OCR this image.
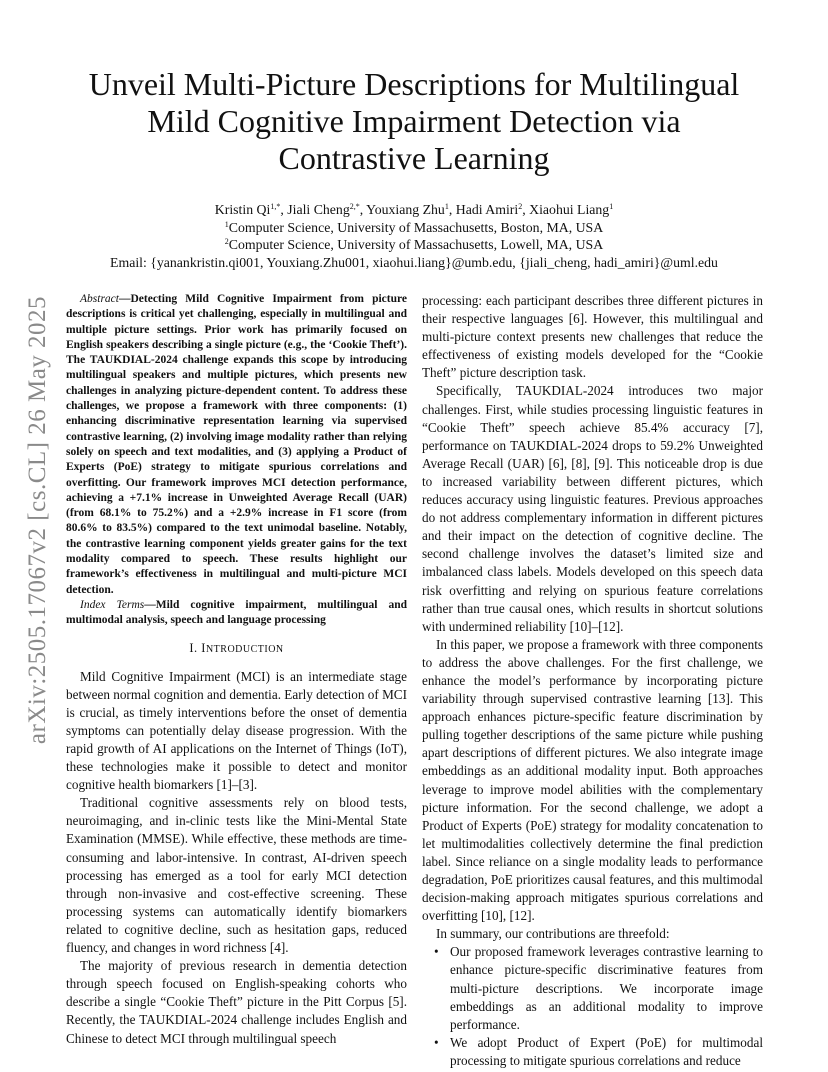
arXiv:2505.17067v2 [cs.CL] 26 May 2025
Unveil Multi-Picture Descriptions for Multilingual
Mild Cognitive Impairment Detection via
Contrastive Learning
Kristin $Qi^{1,*}$, Jiali Cheng$^{2,*}$, Youxiang Zhu$^1$, Hadi Amiri$^2$, Xiaohui Liang$^1$
$^1$Computer Science, University of Massachusetts, Boston, MA, USA
$^2$Computer Science, University of Massachusetts, Lowell, MA, USA
Email: {yanankristin.qi001, Youxiang.Zhu001, xiaohui.liang}@umb.edu, {jiali_cheng, hadi_amiri}@uml.edu

Abstract—Detecting Mild Cognitive Impairment from picture descriptions is critical yet challenging, especially in multilingual and multiple picture settings. Prior work has primarily focused on English speakers describing a single picture (e.g., the ‘Cookie Theft’). The TAUKDIAL-2024 challenge expands this scope by introducing multilingual speakers and multiple pictures, which presents new challenges in analyzing picture-dependent content. To address these challenges, we propose a framework with three components: (1) enhancing discriminative representation learning via supervised contrastive learning, (2) involving image modality rather than relying solely on speech and text modalities, and (3) applying a Product of Experts (PoE) strategy to mitigate spurious correlations and overfitting. Our framework improves MCI detection performance, achieving a +7.1% increase in Unweighted Average Recall (UAR) (from 68.1% to 75.2%) and a +2.9% increase in F1 score (from 80.6% to 83.5%) compared to the text unimodal baseline. Notably, the contrastive learning component yields greater gains for the text modality compared to speech. These results highlight our framework’s effectiveness in multilingual and multi-picture MCI detection.

Index Terms—Mild cognitive impairment, multilingual and multimodal analysis, speech and language processing

I. INTRODUCTION

Mild Cognitive Impairment (MCI) is an intermediate stage between normal cognition and dementia. Early detection of MCI is crucial, as timely interventions before the onset of dementia symptoms can potentially delay disease progression. With the rapid growth of AI applications on the Internet of Things (IoT), these technologies make it possible to detect and monitor cognitive health biomarkers [1]–[3].

Traditional cognitive assessments rely on blood tests, neuroimaging, and in-clinic tests like the Mini-Mental State Examination (MMSE). While effective, these methods are time-consuming and labor-intensive. In contrast, AI-driven speech processing has emerged as a tool for early MCI detection through non-invasive and cost-effective screening. These processing systems can automatically identify biomarkers related to cognitive decline, such as hesitation gaps, reduced fluency, and changes in word richness [4].

The majority of previous research in dementia detection through speech focused on English-speaking cohorts who describe a single “Cookie Theft” picture in the Pitt Corpus [5]. Recently, the TAUKDIAL-2024 challenge includes English and Chinese to detect MCI through multilingual speech

processing: each participant describes three different pictures in their respective languages [6]. However, this multilingual and multi-picture context presents new challenges that reduce the effectiveness of existing models developed for the “Cookie Theft” picture description task.

Specifically, TAUKDIAL-2024 introduces two major challenges. First, while studies processing linguistic features in “Cookie Theft” speech achieve 85.4% accuracy [7], performance on TAUKDIAL-2024 drops to 59.2% Unweighted Average Recall (UAR) [6], [8], [9]. This noticeable drop is due to increased variability between different pictures, which reduces accuracy using linguistic features. Previous approaches do not address complementary information in different pictures and their impact on the detection of cognitive decline. The second challenge involves the dataset’s limited size and imbalanced class labels. Models developed on this speech data risk overfitting and relying on spurious feature correlations rather than true causal ones, which results in shortcut solutions with undermined reliability [10]–[12].

In this paper, we propose a framework with three components to address the above challenges. For the first challenge, we enhance the model’s performance by incorporating picture variability through supervised contrastive learning [13]. This approach enhances picture-specific feature discrimination by pulling together descriptions of the same picture while pushing apart descriptions of different pictures. We also integrate image embeddings as an additional modality input. Both approaches leverage to improve model abilities with the complementary picture information. For the second challenge, we adopt a Product of Experts (PoE) strategy for modality concatenation to let multimodalities collectively determine the final prediction label. Since reliance on a single modality leads to performance degradation, PoE prioritizes causal features, and this multimodal decision-making approach mitigates spurious correlations and overfitting [10], [12].

In summary, our contributions are threefold:

• Our proposed framework leverages contrastive learning to enhance picture-specific discriminative features from multi-picture descriptions. We incorporate image embeddings as an additional modality to improve performance.
• We adopt Product of Expert (PoE) for multimodal processing to mitigate spurious correlations and reduce
